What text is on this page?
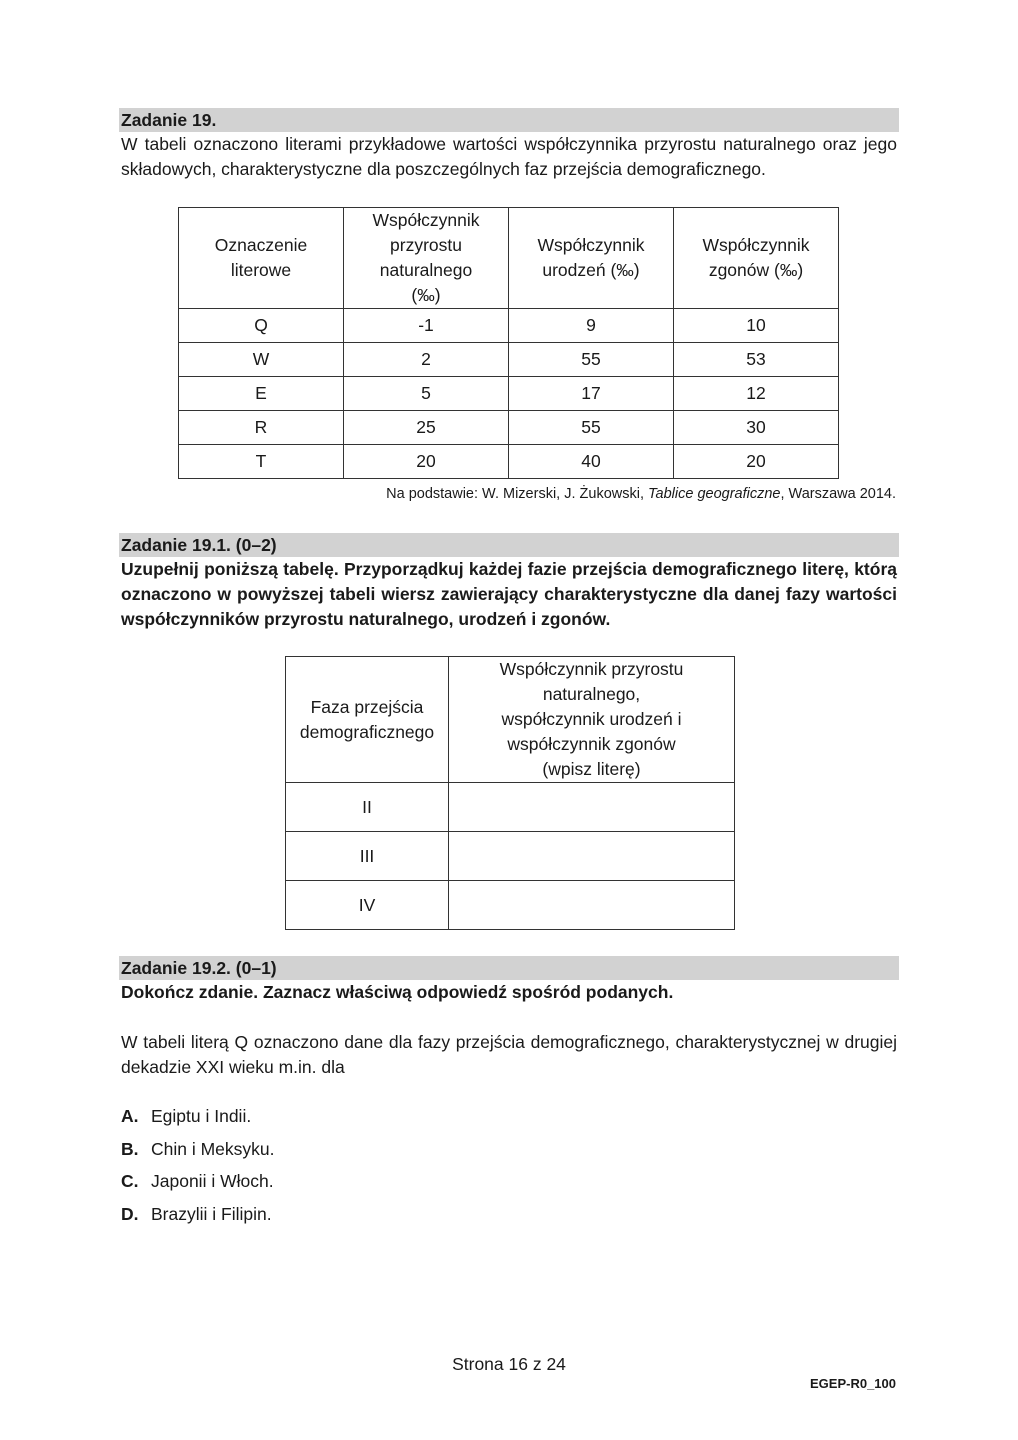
Zadanie 19.
W tabeli oznaczono literami przykładowe wartości współczynnika przyrostu naturalnego oraz jego składowych, charakterystyczne dla poszczególnych faz przejścia demograficznego.
Oznaczenie literowe	Współczynnik przyrostu naturalnego (‰)	Współczynnik urodzeń (‰)	Współczynnik zgonów (‰)

Q	-1	9	10
W	2	55	53
E	5	17	12
R	25	55	30
T	20	40	20
Na podstawie: W. Mizerski, J. Żukowski, Tablice geograficzne, Warszawa 2014.
Zadanie 19.1. (0–2)
Uzupełnij poniższą tabelę. Przyporządkuj każdej fazie przejścia demograficznego literę, którą oznaczono w powyższej tabeli wiersz zawierający charakterystyczne dla danej fazy wartości współczynników przyrostu naturalnego, urodzeń i zgonów.
Faza przejścia demograficznego	Współczynnik przyrostu naturalnego, współczynnik urodzeń i współczynnik zgonów (wpisz literę)

II	
III	
IV	
Zadanie 19.2. (0–1)
Dokończ zdanie. Zaznacz właściwą odpowiedź spośród podanych.
W tabeli literą Q oznaczono dane dla fazy przejścia demograficznego, charakterystycznej w drugiej dekadzie XXI wieku m.in. dla
A. Egiptu i Indii.
B. Chin i Meksyku.
C. Japonii i Włoch.
D. Brazylii i Filipin.
Strona 16 z 24
EGEP-R0_100
